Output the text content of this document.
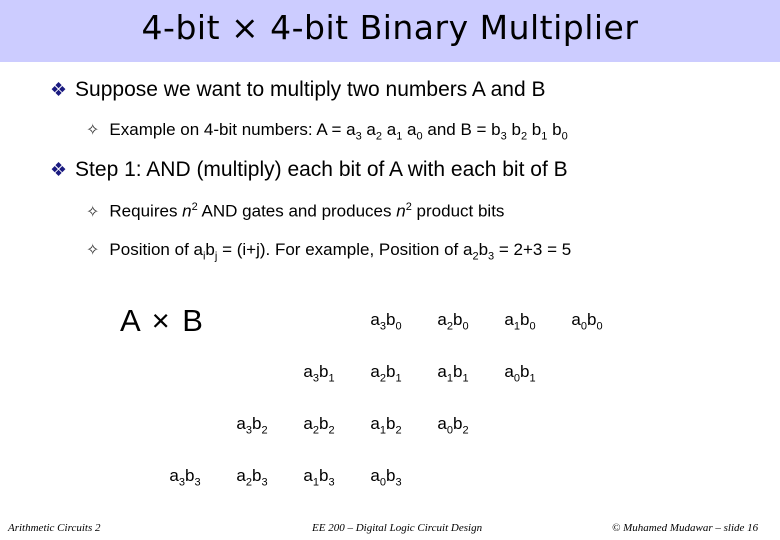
4-bit × 4-bit Binary Multiplier
❖ Suppose we want to multiply two numbers A and B
✧ Example on 4-bit numbers: $A = a_3$ $a_2$ $a_1$ $a_0$ and $B = b_3$ $b_2$ $b_1$ $b_0$
❖ Step 1: AND (multiply) each bit of A with each bit of B
✧ Requires $n^2$ AND gates and produces $n^2$ product bits
✧ Position of $a_ib_j = (i+j)$. For example, Position of $a_2b_3 = 2+3 = 5$
A × B	$a_3b_0$	$a_2b_0$	$a_1b_0$	$a_0b_0$
$a_3b_1$	$a_2b_1$	$a_1b_1$	$a_0b_1$
$a_3b_2$	$a_2b_2$	$a_1b_2$	$a_0b_2$
$a_3b_3$	$a_2b_3$	$a_1b_3$	$a_0b_3$
Arithmetic Circuits 2	EE 200 – Digital Logic Circuit Design	© Muhamed Mudawar – slide 16
